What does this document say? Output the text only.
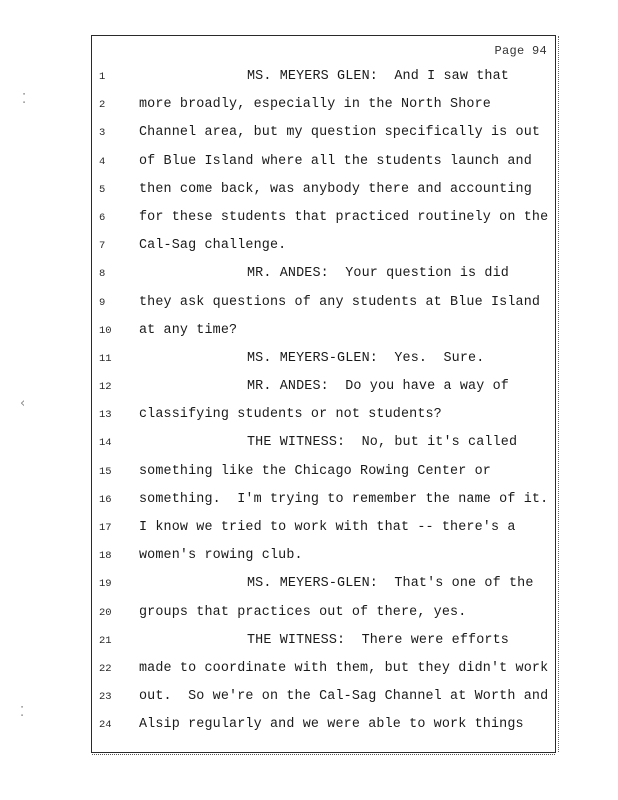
⁚
‹
⁚
Page 94
1	MS. MEYERS GLEN:  And I saw that
2	more broadly, especially in the North Shore
3	Channel area, but my question specifically is out
4	of Blue Island where all the students launch and
5	then come back, was anybody there and accounting
6	for these students that practiced routinely on the
7	Cal-Sag challenge.
8	MR. ANDES:  Your question is did
9	they ask questions of any students at Blue Island
10	at any time?
11	MS. MEYERS-GLEN:  Yes.  Sure.
12	MR. ANDES:  Do you have a way of
13	classifying students or not students?
14	THE WITNESS:  No, but it's called
15	something like the Chicago Rowing Center or
16	something.  I'm trying to remember the name of it.
17	I know we tried to work with that -- there's a
18	women's rowing club.
19	MS. MEYERS-GLEN:  That's one of the
20	groups that practices out of there, yes.
21	THE WITNESS:  There were efforts
22	made to coordinate with them, but they didn't work
23	out.  So we're on the Cal-Sag Channel at Worth and
24	Alsip regularly and we were able to work things
